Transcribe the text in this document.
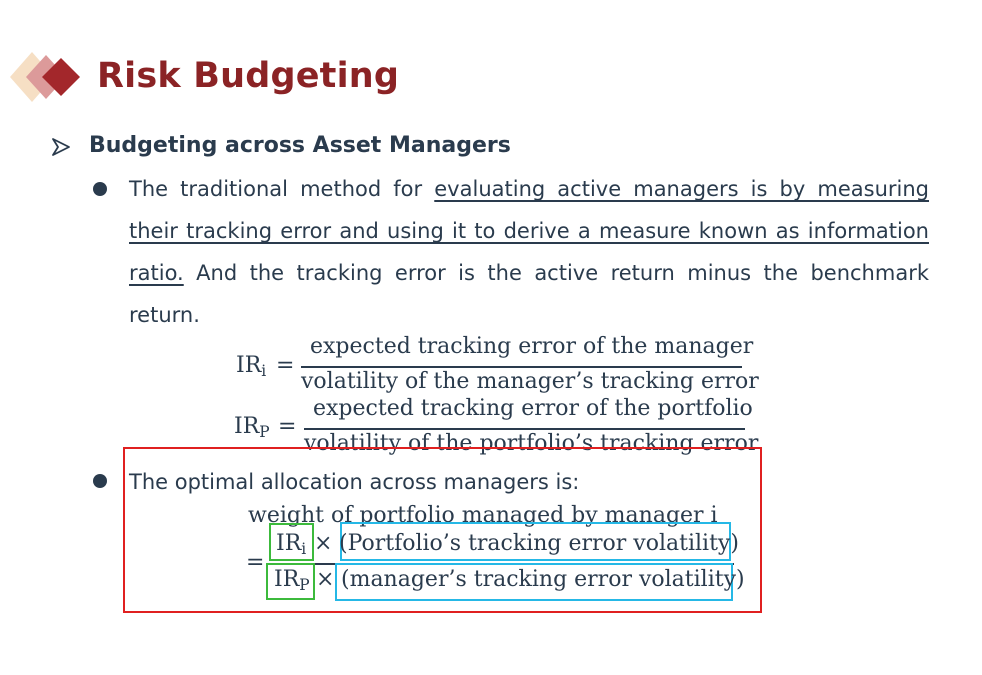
Risk Budgeting
Budgeting across Asset Managers
The traditional method for evaluating active managers is by measuring their tracking error and using it to derive a measure known as information ratio. And the tracking error is the active return minus the benchmark return.
$IR_i$ =
expected tracking error of the manager
volatility of the manager’s tracking error
$IR_P$ =
expected tracking error of the portfolio
volatility of the portfolio’s tracking error
The optimal allocation across managers is:
weight of portfolio managed by manager i
=
$IR_i$ × (Portfolio’s tracking error volatility)
$IR_P$ × (manager’s tracking error volatility)
